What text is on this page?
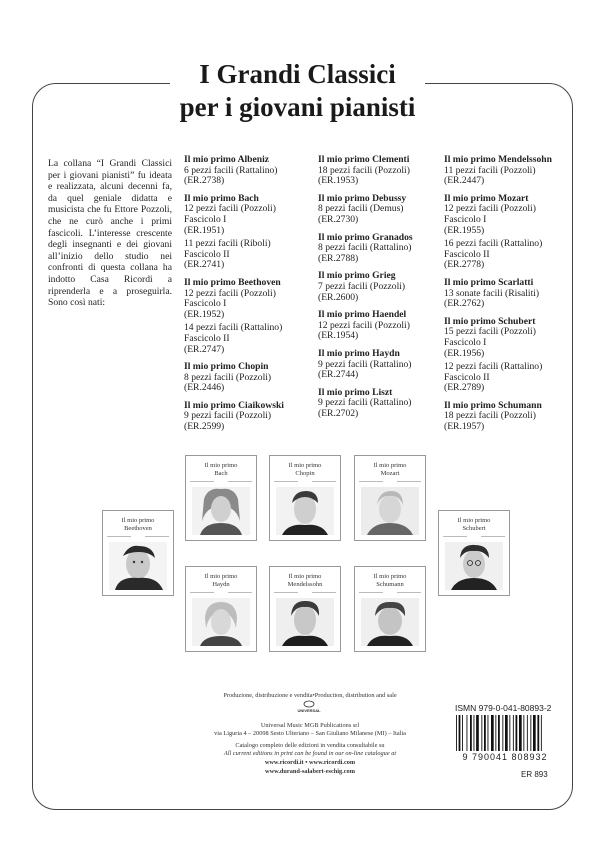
I Grandi Classici
per i giovani pianisti
La collana “I Grandi Classici per i giovani pianisti” fu ideata e realizzata, alcuni decenni fa, da quel geniale didatta e musicista che fu Ettore Pozzoli, che ne curò anche i primi fascicoli. L’interesse crescente degli insegnanti e dei giovani all’inizio dello studio nei confronti di questa collana ha indotto Casa Ricordi a riprenderla e a proseguirla. Sono così nati:
Il mio primo Albeniz
6 pezzi facili (Rattalino)
(ER.2738)
Il mio primo Bach
12 pezzi facili (Pozzoli)
Fascicolo I
(ER.1951)
11 pezzi facili (Riboli)
Fascicolo II
(ER.2741)
Il mio primo Beethoven
12 pezzi facili (Pozzoli)
Fascicolo I
(ER.1952)
14 pezzi facili (Rattalino)
Fascicolo II
(ER.2747)
Il mio primo Chopin
8 pezzi facili (Pozzoli)
(ER.2446)
Il mio primo Ciaikowski
9 pezzi facili (Pozzoli)
(ER.2599)
Il mio primo Clementi
18 pezzi facili (Pozzoli)
(ER.1953)
Il mio primo Debussy
8 pezzi facili (Demus)
(ER.2730)
Il mio primo Granados
8 pezzi facili (Rattalino)
(ER.2788)
Il mio primo Grieg
7 pezzi facili (Pozzoli)
(ER.2600)
Il mio primo Haendel
12 pezzi facili (Pozzoli)
(ER.1954)
Il mio primo Haydn
9 pezzi facili (Rattalino)
(ER.2744)
Il mio primo Liszt
9 pezzi facili (Rattalino)
(ER.2702)
Il mio primo Mendelssohn
11 pezzi facili (Pozzoli)
(ER.2447)
Il mio primo Mozart
12 pezzi facili (Pozzoli)
Fascicolo I
(ER.1955)
16 pezzi facili (Rattalino)
Fascicolo II
(ER.2778)
Il mio primo Scarlatti
13 sonate facili (Risaliti)
(ER.2762)
Il mio primo Schubert
15 pezzi facili (Pozzoli)
Fascicolo I
(ER.1956)
12 pezzi facili (Rattalino)
Fascicolo II
(ER.2789)
Il mio primo Schumann
18 pezzi facili (Pozzoli)
(ER.1957)
Il mio primo
Beethoven
Il mio primo
Bach
Il mio primo
Chopin
Il mio primo
Mozart
Il mio primo
Schubert
Il mio primo
Haydn
Il mio primo
Mendelssohn
Il mio primo
Schumann
Produzione, distribuzione e vendita•Production, distribution and sale
UNIVERSAL
Universal Music MGB Publications srl
via Liguria 4 – 20098 Sesto Ulteriano – San Giuliano Milanese (MI) – Italia
Catalogo completo delle edizioni in vendita consultabile su
All current editions in print can be found in our on-line catalogue at
www.ricordi.it • www.ricordi.com
www.durand-salabert-eschig.com
ISMN 979-0-041-80893-2
9 790041 808932
ER 893
